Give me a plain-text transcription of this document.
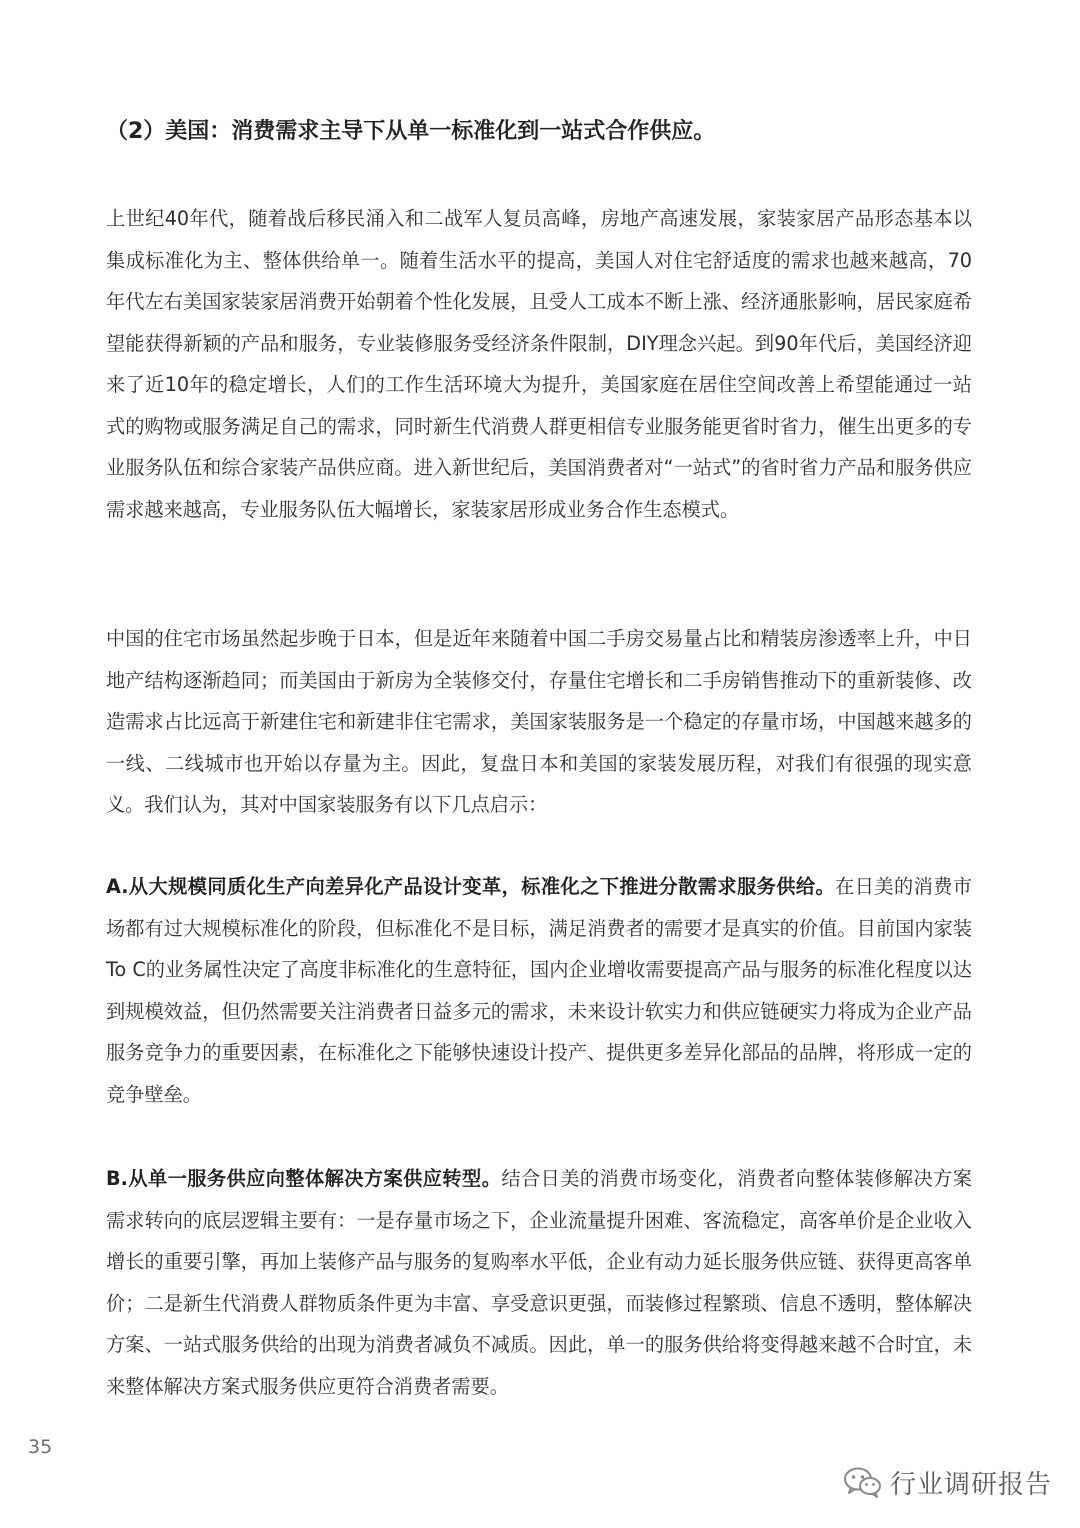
（2）美国：消费需求主导下从单一标准化到一站式合作供应。

上世纪40年代，随着战后移民涌入和二战军人复员高峰，房地产高速发展，家装家居产品形态基本以集成标准化为主、整体供给单一。随着生活水平的提高，美国人对住宅舒适度的需求也越来越高，70年代左右美国家装家居消费开始朝着个性化发展，且受人工成本不断上涨、经济通胀影响，居民家庭希望能获得新颖的产品和服务，专业装修服务受经济条件限制，DIY理念兴起。到90年代后，美国经济迎来了近10年的稳定增长，人们的工作生活环境大为提升，美国家庭在居住空间改善上希望能通过一站式的购物或服务满足自己的需求，同时新生代消费人群更相信专业服务能更省时省力，催生出更多的专业服务队伍和综合家装产品供应商。进入新世纪后，美国消费者对“一站式”的省时省力产品和服务供应需求越来越高，专业服务队伍大幅增长，家装家居形成业务合作生态模式。

中国的住宅市场虽然起步晚于日本，但是近年来随着中国二手房交易量占比和精装房渗透率上升，中日地产结构逐渐趋同；而美国由于新房为全装修交付，存量住宅增长和二手房销售推动下的重新装修、改造需求占比远高于新建住宅和新建非住宅需求，美国家装服务是一个稳定的存量市场，中国越来越多的一线、二线城市也开始以存量为主。因此，复盘日本和美国的家装发展历程，对我们有很强的现实意义。我们认为，其对中国家装服务有以下几点启示：

A.从大规模同质化生产向差异化产品设计变革，标准化之下推进分散需求服务供给。在日美的消费市场都有过大规模标准化的阶段，但标准化不是目标，满足消费者的需要才是真实的价值。目前国内家装To C的业务属性决定了高度非标准化的生意特征，国内企业增收需要提高产品与服务的标准化程度以达到规模效益，但仍然需要关注消费者日益多元的需求，未来设计软实力和供应链硬实力将成为企业产品服务竞争力的重要因素，在标准化之下能够快速设计投产、提供更多差异化部品的品牌，将形成一定的竞争壁垒。

B.从单一服务供应向整体解决方案供应转型。结合日美的消费市场变化，消费者向整体装修解决方案需求转向的底层逻辑主要有：一是存量市场之下，企业流量提升困难、客流稳定，高客单价是企业收入增长的重要引擎，再加上装修产品与服务的复购率水平低，企业有动力延长服务供应链、获得更高客单价；二是新生代消费人群物质条件更为丰富、享受意识更强，而装修过程繁琐、信息不透明，整体解决方案、一站式服务供给的出现为消费者减负不减质。因此，单一的服务供给将变得越来越不合时宜，未来整体解决方案式服务供应更符合消费者需要。

35
行业调研报告
